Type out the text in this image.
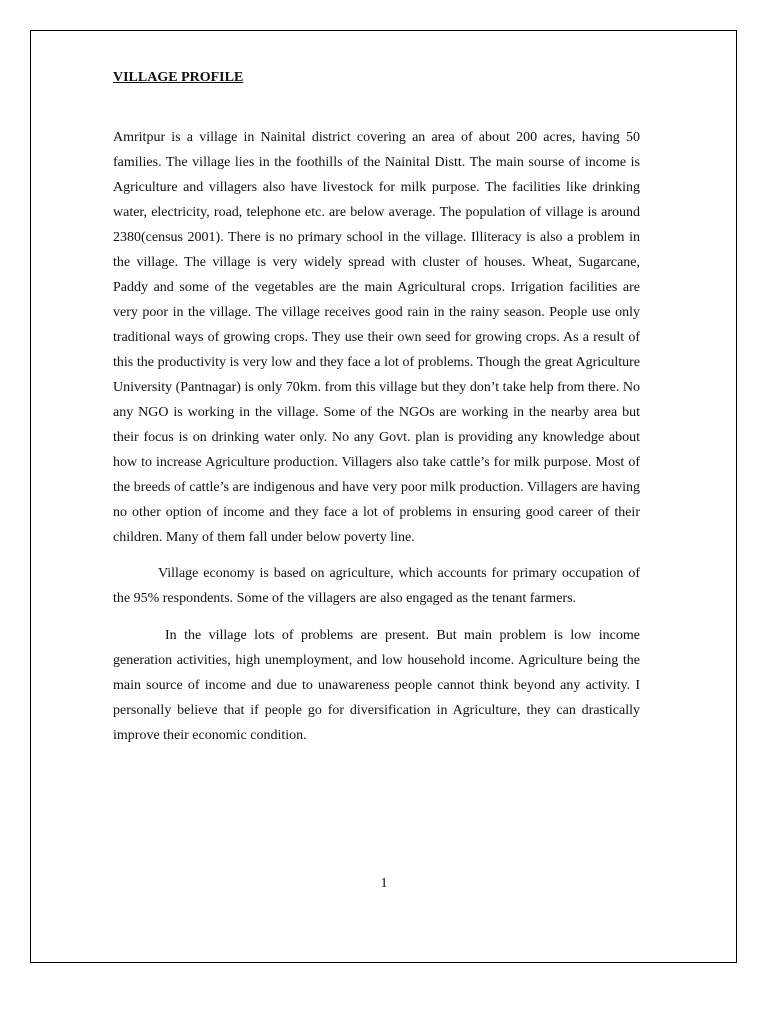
VILLAGE PROFILE

Amritpur is a village in Nainital district covering an area of about 200 acres, having 50 families. The village lies in the foothills of the Nainital Distt. The main sourse of income is Agriculture and villagers also have livestock for milk purpose. The facilities like drinking water, electricity, road, telephone etc. are below average. The population of village is around 2380(census 2001). There is no primary school in the village. Illiteracy is also a problem in the village. The village is very widely spread with cluster of houses. Wheat, Sugarcane, Paddy and some of the vegetables are the main Agricultural crops. Irrigation facilities are very poor in the village. The village receives good rain in the rainy season. People use only traditional ways of growing crops. They use their own seed for growing crops. As a result of this the productivity is very low and they face a lot of problems. Though the great Agriculture University (Pantnagar) is only 70km. from this village but they don’t take help from there. No any NGO is working in the village. Some of the NGOs are working in the nearby area but their focus is on drinking water only. No any Govt. plan is providing any knowledge about how to increase Agriculture production. Villagers also take cattle’s for milk purpose. Most of the breeds of cattle’s are indigenous and have very poor milk production. Villagers are having no other option of income and they face a lot of problems in ensuring good career of their children. Many of them fall under below poverty line.

Village economy is based on agriculture, which accounts for primary occupation of the 95% respondents. Some of the villagers are also engaged as the tenant farmers.

In the village lots of problems are present. But main problem is low income generation activities, high unemployment, and low household income. Agriculture being the main source of income and due to unawareness people cannot think beyond any activity. I personally believe that if people go for diversification in Agriculture, they can drastically improve their economic condition.

1
